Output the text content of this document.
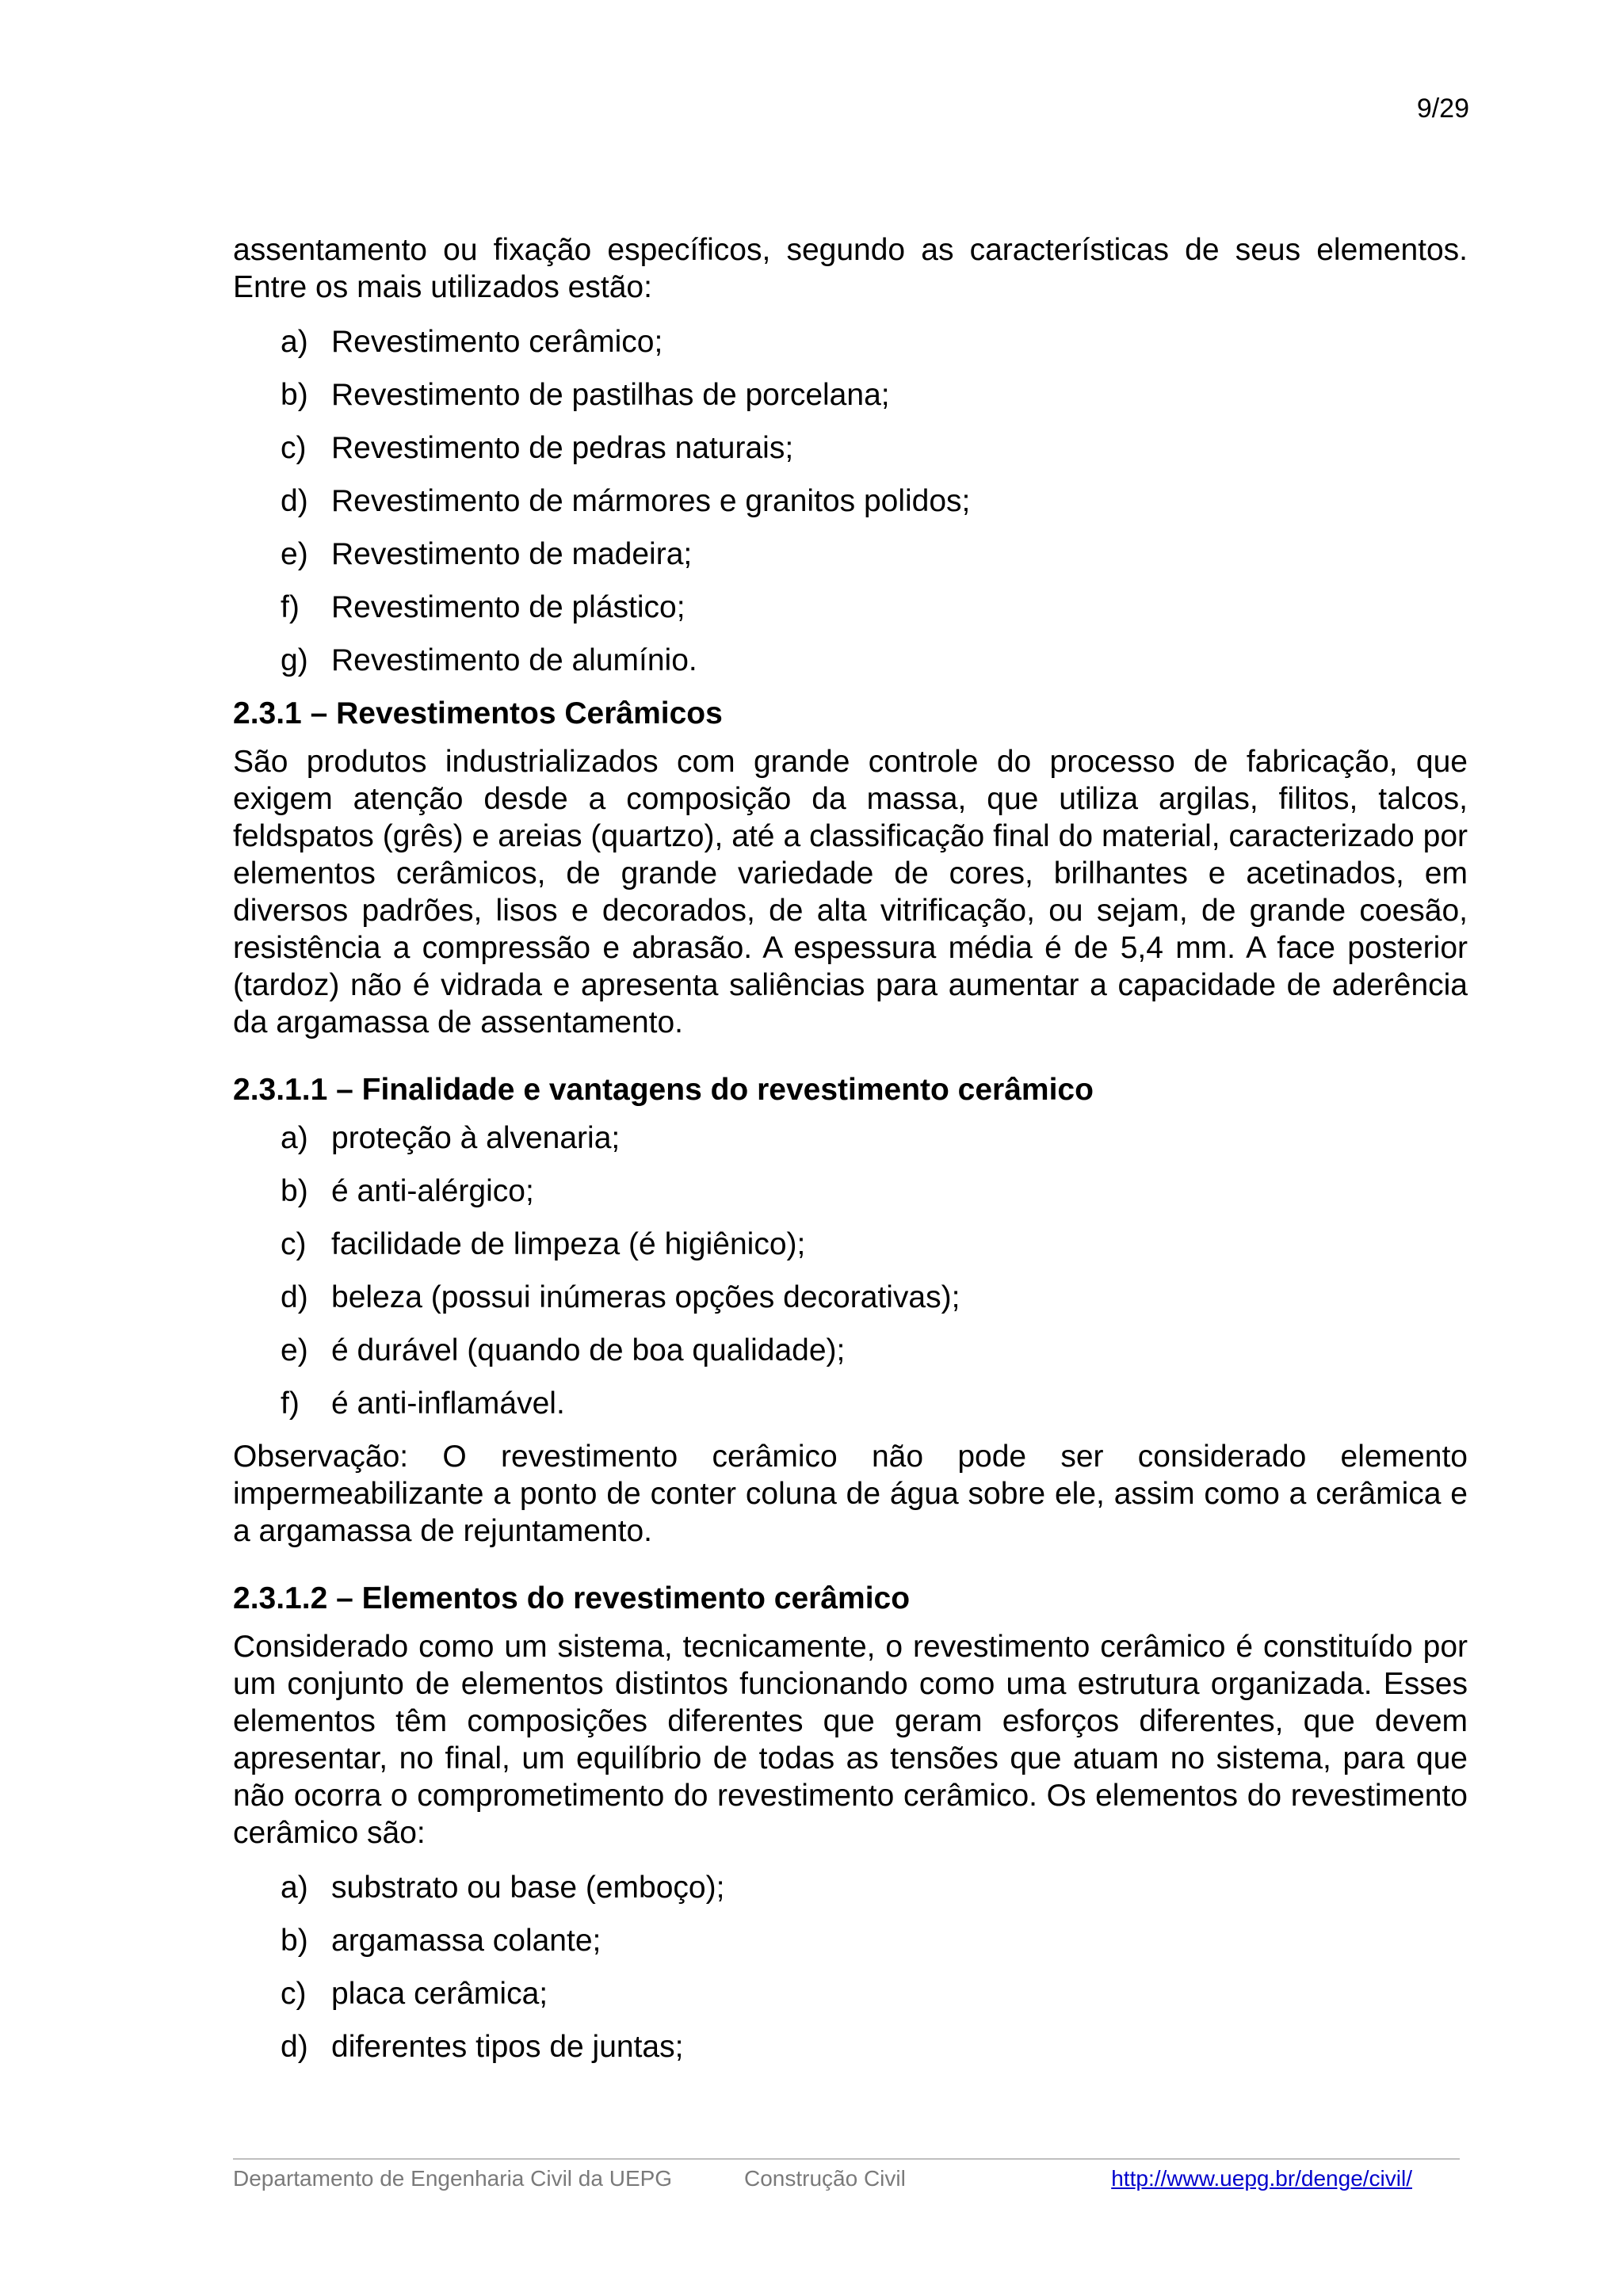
9/29

assentamento ou fixação específicos, segundo as características de seus elementos. Entre os mais utilizados estão:

a) Revestimento cerâmico;
b) Revestimento de pastilhas de porcelana;
c) Revestimento de pedras naturais;
d) Revestimento de mármores e granitos polidos;
e) Revestimento de madeira;
f)	Revestimento de plástico;
g) Revestimento de alumínio.
2.3.1 – Revestimentos Cerâmicos

São produtos industrializados com grande controle do processo de fabricação, que exigem atenção desde a composição da massa, que utiliza argilas, filitos, talcos, feldspatos (grês) e areias (quartzo), até a classificação final do material, caracterizado por elementos cerâmicos, de grande variedade de cores, brilhantes e acetinados, em diversos padrões, lisos e decorados, de alta vitrificação, ou sejam, de grande coesão, resistência a compressão e abrasão. A espessura média é de 5,4 mm. A face posterior (tardoz) não é vidrada e apresenta saliências para aumentar a capacidade de aderência da argamassa de assentamento.

2.3.1.1 – Finalidade e vantagens do revestimento cerâmico
a) proteção à alvenaria;
b) é anti-alérgico;
c) facilidade de limpeza (é higiênico);
d) beleza (possui inúmeras opções decorativas);
e) é durável (quando de boa qualidade);
f)	é anti-inflamável.

Observação: O revestimento cerâmico não pode ser considerado elemento impermeabilizante a ponto de conter coluna de água sobre ele, assim como a cerâmica e a argamassa de rejuntamento.

2.3.1.2 – Elementos do revestimento cerâmico

Considerado como um sistema, tecnicamente, o revestimento cerâmico é constituído por um conjunto de elementos distintos funcionando como uma estrutura organizada. Esses elementos têm composições diferentes que geram esforços diferentes, que devem apresentar, no final, um equilíbrio de todas as tensões que atuam no sistema, para que não ocorra o comprometimento do revestimento cerâmico. Os elementos do revestimento cerâmico são:

a) substrato ou base (emboço);
b) argamassa colante;
c) placa cerâmica;
d) diferentes tipos de juntas;
Departamento de Engenharia Civil da UEPG	Construção Civil	http://www.uepg.br/denge/civil/
